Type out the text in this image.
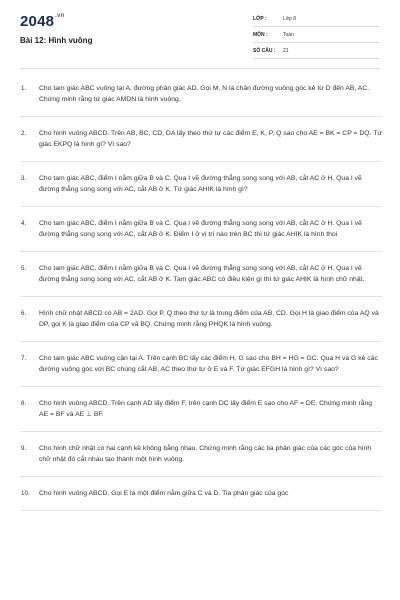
$2048^{.vn}$
Bài 12: Hình vuông
LỚP :	Lớp 8
MÔN :	Toán
SỐ CÂU :	21
1.	Cho tam giác ABC vuông tại A, đường phân giác AD. Gọi M, N là chân đường vuông góc kẻ từ D đến AB, AC. Chứng minh rằng tứ giác AMDN là hình vuông.
2.	Cho hình vuông ABCD. Trên AB, BC, CD, DA lấy theo thứ tự các điểm E, K, P, Q sao cho AE = BK = CP = DQ. Tứ giác EKPQ là hình gì? Vì sao?
3.	Cho tam giác ABC, điểm I nằm giữa B và C. Qua I vẽ đường thẳng song song với AB, cắt AC ở H. Qua I vẽ đường thẳng song song với AC, cắt AB ở K. Tứ giác AHIK là hình gì?
4.	Cho tam giác ABC, điểm I nằm giữa B và C. Qua I vẽ đường thẳng song song với AB, cắt AC ở H. Qua I vẽ đường thẳng song song với AC, cắt AB ở K. Điểm I ở vị trí nào trên BC thì tứ giác AHIK là hình thoi
5.	Cho tam giác ABC, điểm I nằm giữa B và C. Qua I vẽ đường thẳng song song với AB, cắt AC ở H. Qua I vẽ đường thẳng song song với AC, cắt AB ở K. Tam giác ABC có điều kiện gì thì tứ giác AHIK là hình chữ nhật.
6.	Hình chữ nhật ABCD có AB = 2AD. Gọi P, Q theo thứ tự là trung điểm của AB, CD. Gọi H là giao điểm của AQ và DP, gọi K là giao điểm của CP và BQ. Chứng minh rằng PHQK là hình vuông.
7.	Cho tam giác ABC vuông cân tại A. Trên cạnh BC lấy các điểm H, G sao cho BH = HG = GC. Qua H và G kẻ các đường vuông góc với BC chúng cắt AB, AC theo thứ tự ở E và F. Tứ giác EFGH là hình gì? Vì sao?
8.	Cho hình vuông ABCD. Trên cạnh AD lấy điểm F, trên cạnh DC lấy điểm E sao cho AF = DE. Chứng minh rằng AE = BF và AE ⊥ BF.
9.	Cho hình chữ nhật có hai cạnh kề không bằng nhau. Chứng minh rằng các tia phân giác của các góc của hình chữ nhật đó cắt nhau tạo thành một hình vuông.
10.	Cho hình vuông ABCD. Gọi E là một điểm nằm giữa C và D. Tia phân giác của góc
